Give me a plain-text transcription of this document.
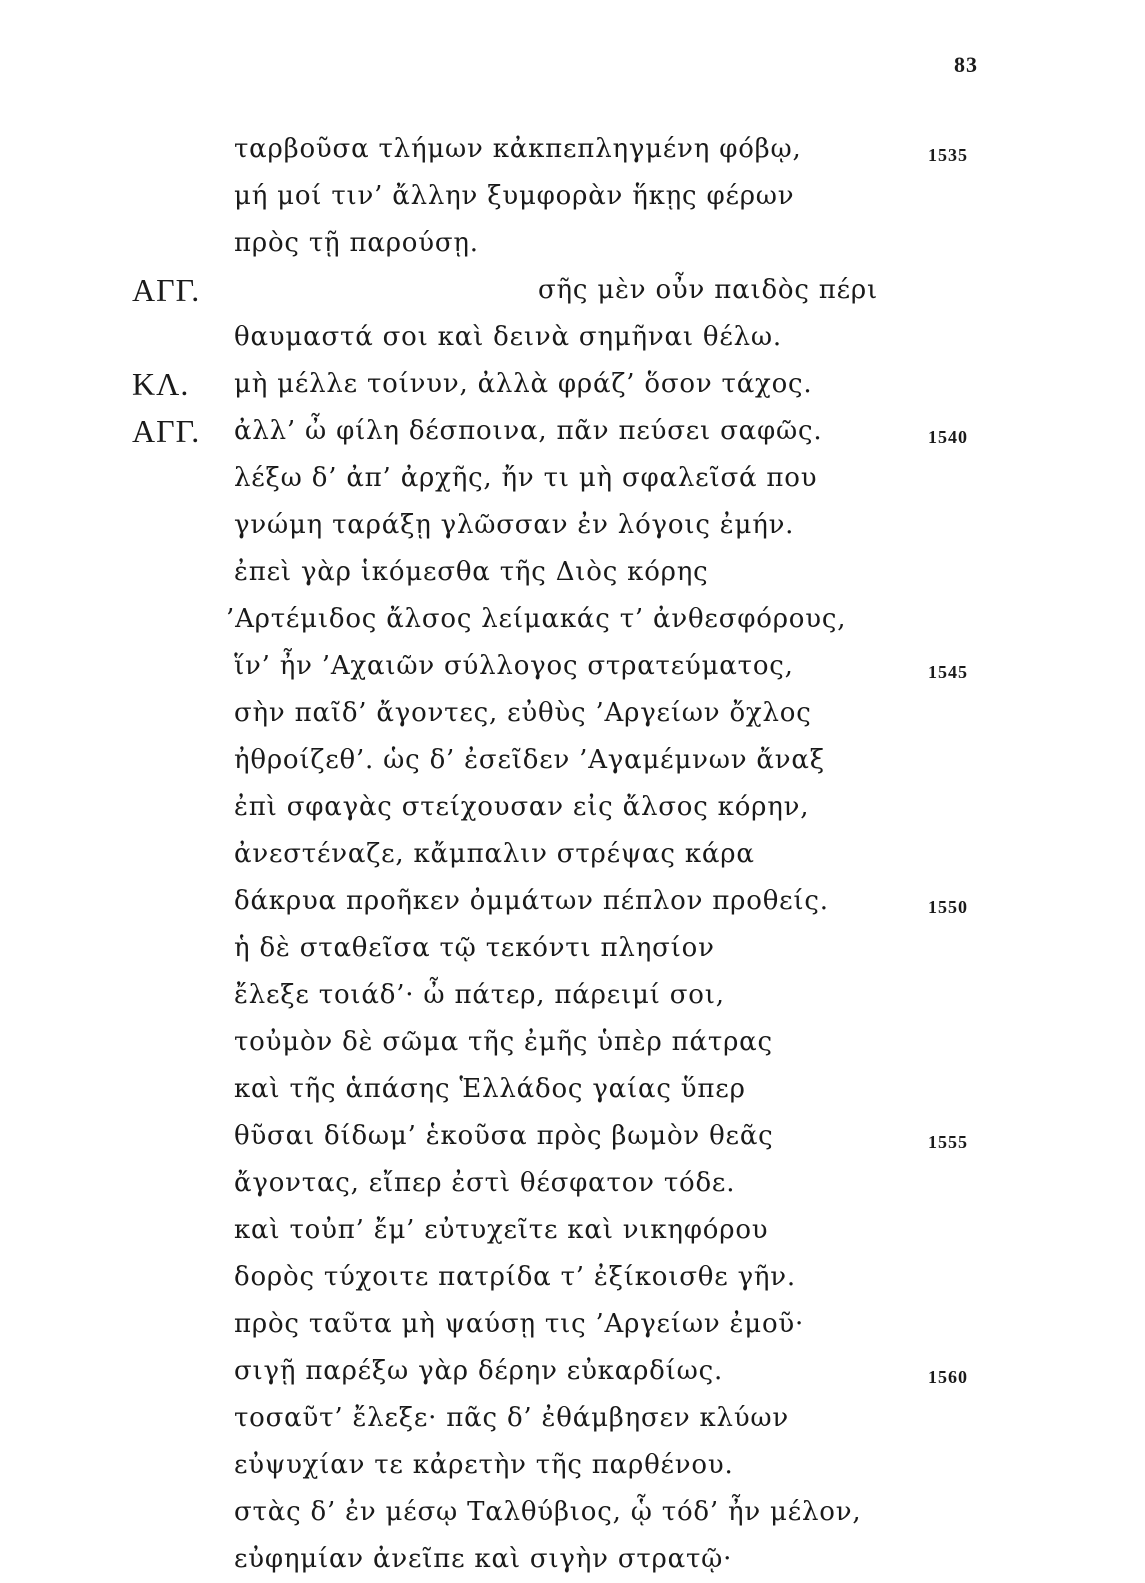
83
ταρβοῦσα τλήμων κἀκπεπληγμένη φόβῳ,	1535
μή μοί τιν’ ἄλλην ξυμφορὰν ἥκῃς φέρων
πρὸς τῇ παρούσῃ.
ΑΓΓ.	σῆς μὲν οὖν παιδὸς πέρι
θαυμαστά σοι καὶ δεινὰ σημῆναι θέλω.
ΚΛ. μὴ μέλλε τοίνυν, ἀλλὰ φράζ’ ὅσον τάχος.
ΑΓΓ. ἀλλ’ ὦ φίλη δέσποινα, πᾶν πεύσει σαφῶς.	1540
λέξω δ’ ἀπ’ ἀρχῆς, ἤν τι μὴ σφαλεῖσά που
γνώμη ταράξῃ γλῶσσαν ἐν λόγοις ἐμήν.
ἐπεὶ γὰρ ἱκόμεσθα τῆς Διὸς κόρης
’Αρτέμιδος ἄλσος λείμακάς τ’ ἀνθεσφόρους,
ἵν’ ἦν ’Αχαιῶν σύλλογος στρατεύματος,	1545
σὴν παῖδ’ ἄγοντες, εὐθὺς ’Αργείων ὄχλος
ἠθροίζεθ’. ὡς δ’ ἐσεῖδεν ’Αγαμέμνων ἄναξ
ἐπὶ σφαγὰς στείχουσαν εἰς ἄλσος κόρην,
ἀνεστέναζε, κἄμπαλιν στρέψας κάρα
δάκρυα προῆκεν ὀμμάτων πέπλον προθείς.	1550
ἡ δὲ σταθεῖσα τῷ τεκόντι πλησίον
ἔλεξε τοιάδ’· ὦ πάτερ, πάρειμί σοι,
τοὐμὸν δὲ σῶμα τῆς ἐμῆς ὑπὲρ πάτρας
καὶ τῆς ἁπάσης Ἑλλάδος γαίας ὕπερ
θῦσαι δίδωμ’ ἑκοῦσα πρὸς βωμὸν θεᾶς	1555
ἄγοντας, εἴπερ ἐστὶ θέσφατον τόδε.
καὶ τοὐπ’ ἔμ’ εὐτυχεῖτε καὶ νικηφόρου
δορὸς τύχοιτε πατρίδα τ’ ἐξίκοισθε γῆν.
πρὸς ταῦτα μὴ ψαύσῃ τις ’Αργείων ἐμοῦ·
σιγῇ παρέξω γὰρ δέρην εὐκαρδίως.	1560
τοσαῦτ’ ἔλεξε· πᾶς δ’ ἐθάμβησεν κλύων
εὐψυχίαν τε κἀρετὴν τῆς παρθένου.
στὰς δ’ ἐν μέσῳ Ταλθύβιος, ᾧ τόδ’ ἦν μέλον,
εὐφημίαν ἀνεῖπε καὶ σιγὴν στρατῷ·
